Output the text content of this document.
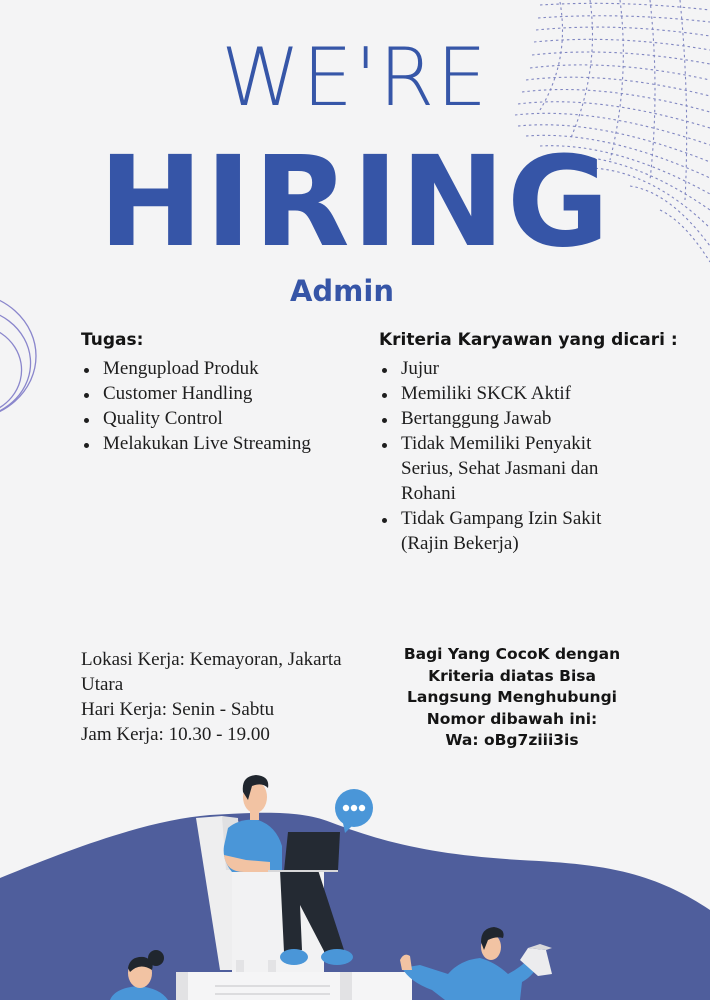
WE'RE
HIRING
Admin
Tugas:
Mengupload Produk
Customer Handling
Quality Control
Melakukan Live Streaming
Kriteria Karyawan yang dicari :
Jujur
Memiliki SKCK Aktif
Bertanggung Jawab
Tidak Memiliki Penyakit Serius, Sehat Jasmani dan Rohani
Tidak Gampang Izin Sakit (Rajin Bekerja)
Lokasi Kerja: Kemayoran, Jakarta Utara
Hari Kerja: Senin - Sabtu
Jam Kerja: 10.30 - 19.00
Bagi Yang CocoK dengan
Kriteria diatas Bisa
Langsung Menghubungi
Nomor dibawah ini:
Wa: oBg7ziii3is
